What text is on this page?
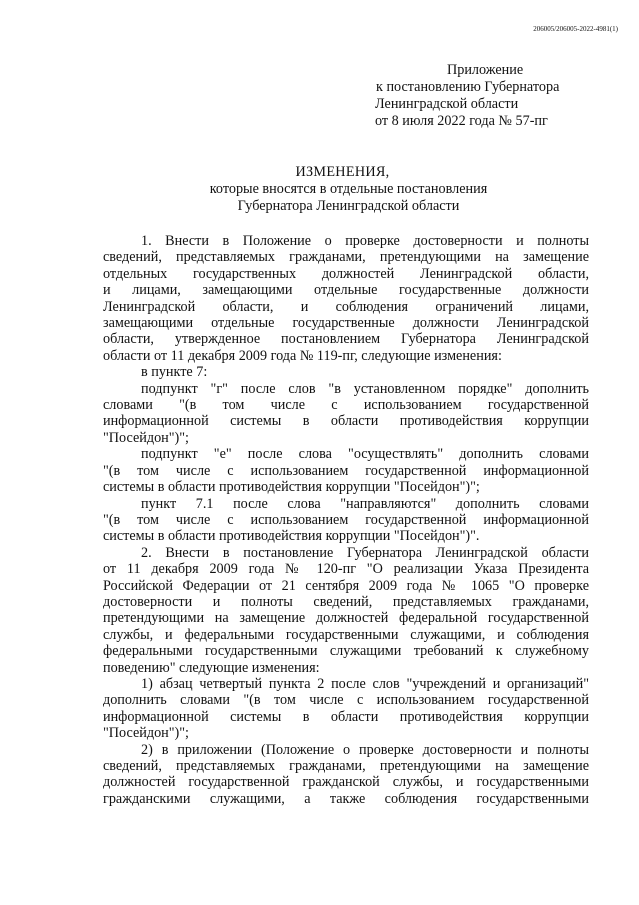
206005/206005-2022-4981(1)
Приложение
к постановлению Губернатора
Ленинградской области
от 8 июля 2022 года № 57-пг
ИЗМЕНЕНИЯ,
которые вносятся в отдельные постановления
Губернатора Ленинградской области
1. Внести в Положение о проверке достоверности и полноты
сведений, представляемых гражданами, претендующими на замещение
отдельных государственных должностей Ленинградской области,
и лицами, замещающими отдельные государственные должности
Ленинградской области, и соблюдения ограничений лицами,
замещающими отдельные государственные должности Ленинградской
области, утвержденное постановлением Губернатора Ленинградской
области от 11 декабря 2009 года № 119-пг, следующие изменения:
в пункте 7:
подпункт "г" после слов "в установленном порядке" дополнить
словами "(в том числе с использованием государственной
информационной системы в области противодействия коррупции
"Посейдон")";
подпункт "е" после слова "осуществлять" дополнить словами
"(в том числе с использованием государственной информационной
системы в области противодействия коррупции "Посейдон")";
пункт 7.1 после слова "направляются" дополнить словами
"(в том числе с использованием государственной информационной
системы в области противодействия коррупции "Посейдон")".
2. Внести в постановление Губернатора Ленинградской области
от 11 декабря 2009 года № 120-пг "О реализации Указа Президента
Российской Федерации от 21 сентября 2009 года № 1065 "О проверке
достоверности и полноты сведений, представляемых гражданами,
претендующими на замещение должностей федеральной государственной
службы, и федеральными государственными служащими, и соблюдения
федеральными государственными служащими требований к служебному
поведению" следующие изменения:
1) абзац четвертый пункта 2 после слов "учреждений и организаций"
дополнить словами "(в том числе с использованием государственной
информационной системы в области противодействия коррупции
"Посейдон")";
2) в приложении (Положение о проверке достоверности и полноты
сведений, представляемых гражданами, претендующими на замещение
должностей государственной гражданской службы, и государственными
гражданскими служащими, а также соблюдения государственными
